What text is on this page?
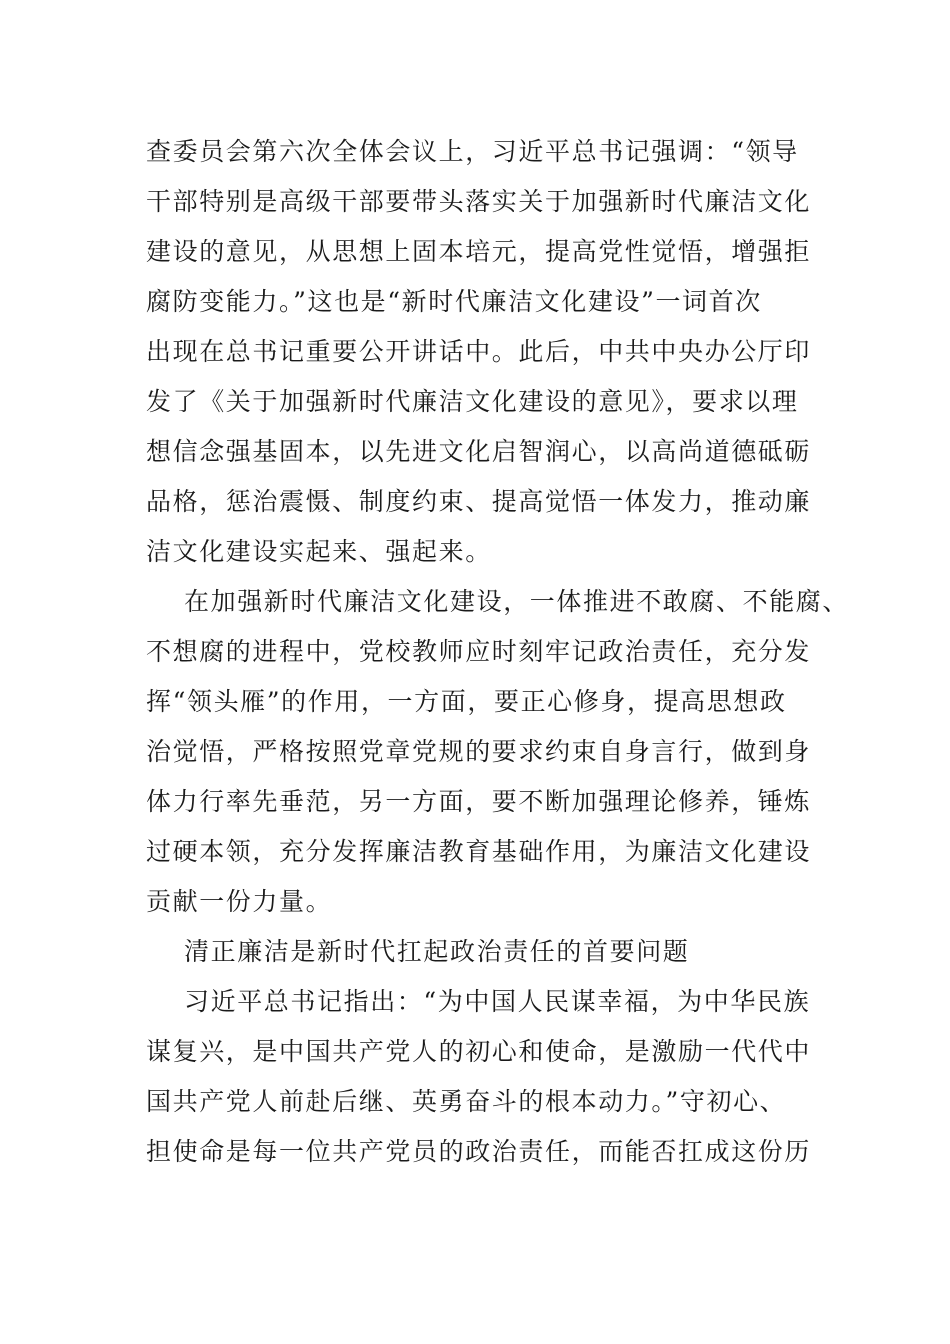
查委员会第六次全体会议上，习近平总书记强调：“领导
干部特别是高级干部要带头落实关于加强新时代廉洁文化
建设的意见，从思想上固本培元，提高党性觉悟，增强拒
腐防变能力。”这也是“新时代廉洁文化建设”一词首次
出现在总书记重要公开讲话中。此后，中共中央办公厅印
发了《关于加强新时代廉洁文化建设的意见》，要求以理
想信念强基固本，以先进文化启智润心，以高尚道德砥砺
品格，惩治震慑、制度约束、提高觉悟一体发力，推动廉
洁文化建设实起来、强起来。
在加强新时代廉洁文化建设，一体推进不敢腐、不能腐、
不想腐的进程中，党校教师应时刻牢记政治责任，充分发
挥“领头雁”的作用，一方面，要正心修身，提高思想政
治觉悟，严格按照党章党规的要求约束自身言行，做到身
体力行率先垂范，另一方面，要不断加强理论修养，锤炼
过硬本领，充分发挥廉洁教育基础作用，为廉洁文化建设
贡献一份力量。
清正廉洁是新时代扛起政治责任的首要问题
习近平总书记指出：“为中国人民谋幸福，为中华民族
谋复兴，是中国共产党人的初心和使命，是激励一代代中
国共产党人前赴后继、英勇奋斗的根本动力。”守初心、
担使命是每一位共产党员的政治责任，而能否扛成这份历
